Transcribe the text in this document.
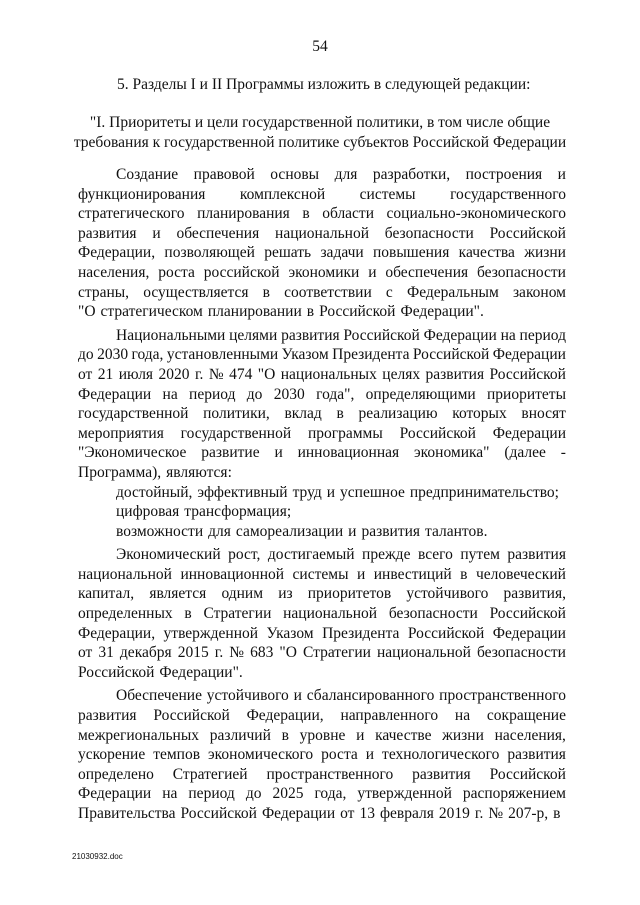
54
5. Разделы I и II Программы изложить в следующей редакции:
"I. Приоритеты и цели государственной политики, в том числе общие
требования к государственной политике субъектов Российской Федерации
Создание правовой основы для разработки, построения и
функционирования комплексной системы государственного
стратегического планирования в области социально-экономического
развития и обеспечения национальной безопасности Российской
Федерации, позволяющей решать задачи повышения качества жизни
населения, роста российской экономики и обеспечения безопасности
страны, осуществляется в соответствии с Федеральным законом
"О стратегическом планировании в Российской Федерации".
Национальными целями развития Российской Федерации на период
до 2030 года, установленными Указом Президента Российской Федерации
от 21 июля 2020 г. № 474 "О национальных целях развития Российской
Федерации на период до 2030 года", определяющими приоритеты
государственной политики, вклад в реализацию которых вносят
мероприятия государственной программы Российской Федерации
"Экономическое развитие и инновационная экономика" (далее -
Программа), являются:
достойный, эффективный труд и успешное предпринимательство;
цифровая трансформация;
возможности для самореализации и развития талантов.
Экономический рост, достигаемый прежде всего путем развития
национальной инновационной системы и инвестиций в человеческий
капитал, является одним из приоритетов устойчивого развития,
определенных в Стратегии национальной безопасности Российской
Федерации, утвержденной Указом Президента Российской Федерации
от 31 декабря 2015 г. № 683 "О Стратегии национальной безопасности
Российской Федерации".
Обеспечение устойчивого и сбалансированного пространственного
развития Российской Федерации, направленного на сокращение
межрегиональных различий в уровне и качестве жизни населения,
ускорение темпов экономического роста и технологического развития
определено Стратегией пространственного развития Российской
Федерации на период до 2025 года, утвержденной распоряжением
Правительства Российской Федерации от 13 февраля 2019 г. № 207-р, в
21030932.doc
